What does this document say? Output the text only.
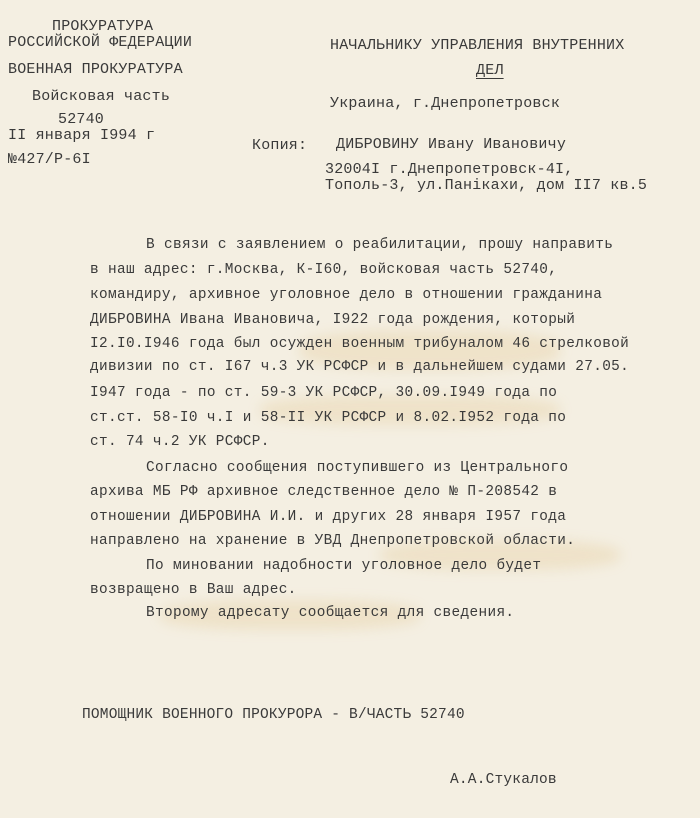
ПРОКУРАТУРА
РОССИЙСКОЙ ФЕДЕРАЦИИ
ВОЕННАЯ ПРОКУРАТУРА
Войсковая часть
52740
II января I994 г
№427/Р-6I
НАЧАЛЬНИКУ УПРАВЛЕНИЯ ВНУТРЕННИХ
ДЕЛ
Украина, г.Днепропетровск
Копия: ДИБРОВИНУ Ивану Ивановичу
32004I г.Днепропетровск-4I,
Тополь-3, ул.Панікахи, дом II7 кв.5
В связи с заявлением о реабилитации, прошу направить
в наш адрес: г.Москва, К-I60, войсковая часть 52740,
командиру, архивное уголовное дело в отношении гражданина
ДИБРОВИНА Ивана Ивановича, I922 года рождения, который
I2.I0.I946 года был осужден военным трибуналом 46 стрелковой
дивизии по ст. I67 ч.3 УК РСФСР и в дальнейшем судами 27.05.
I947 года - по ст. 59-3 УК РСФСР, 30.09.I949 года по
ст.ст. 58-I0 ч.I и 58-II УК РСФСР и 8.02.I952 года по
ст. 74 ч.2 УК РСФСР.
Согласно сообщения поступившего из Центрального
архива МБ РФ архивное следственное дело № П-208542 в
отношении ДИБРОВИНА И.И. и других 28 января I957 года
направлено на хранение в УВД Днепропетровской области.
По миновании надобности уголовное дело будет
возвращено в Ваш адрес.
Второму адресату сообщается для сведения.
ПОМОЩНИК ВОЕННОГО ПРОКУРОРА - В/ЧАСТЬ 52740
А.А.Стукалов
